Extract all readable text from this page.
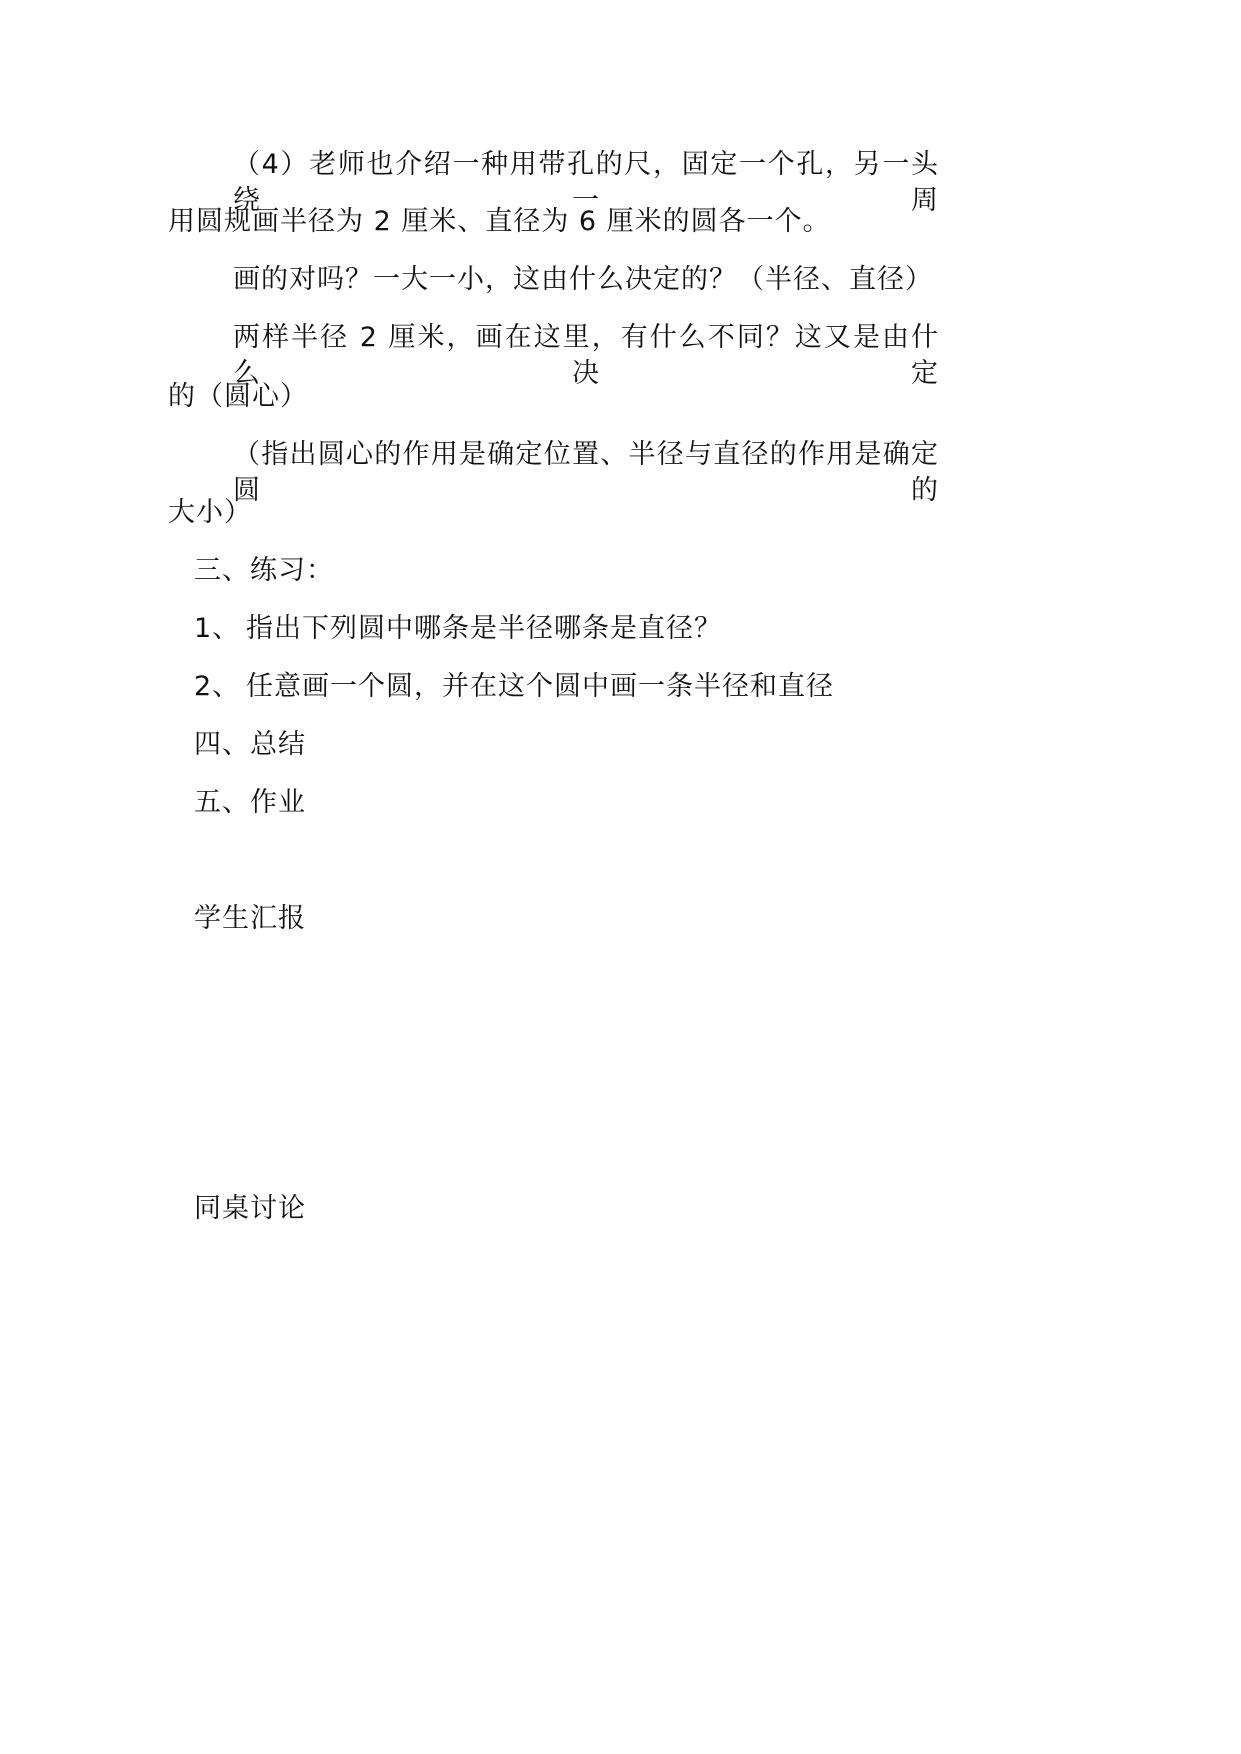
（4）老师也介绍一种用带孔的尺，固定一个孔，另一头绕一周
用圆规画半径为 2 厘米、直径为 6 厘米的圆各一个。
画的对吗？一大一小，这由什么决定的？（半径、直径）
两样半径 2 厘米，画在这里，有什么不同？这又是由什么决定
的（圆心）
（指出圆心的作用是确定位置、半径与直径的作用是确定圆的
大小）
三、练习：
1、 指出下列圆中哪条是半径哪条是直径？
2、 任意画一个圆，并在这个圆中画一条半径和直径
四、总结
五、作业
学生汇报
同桌讨论
